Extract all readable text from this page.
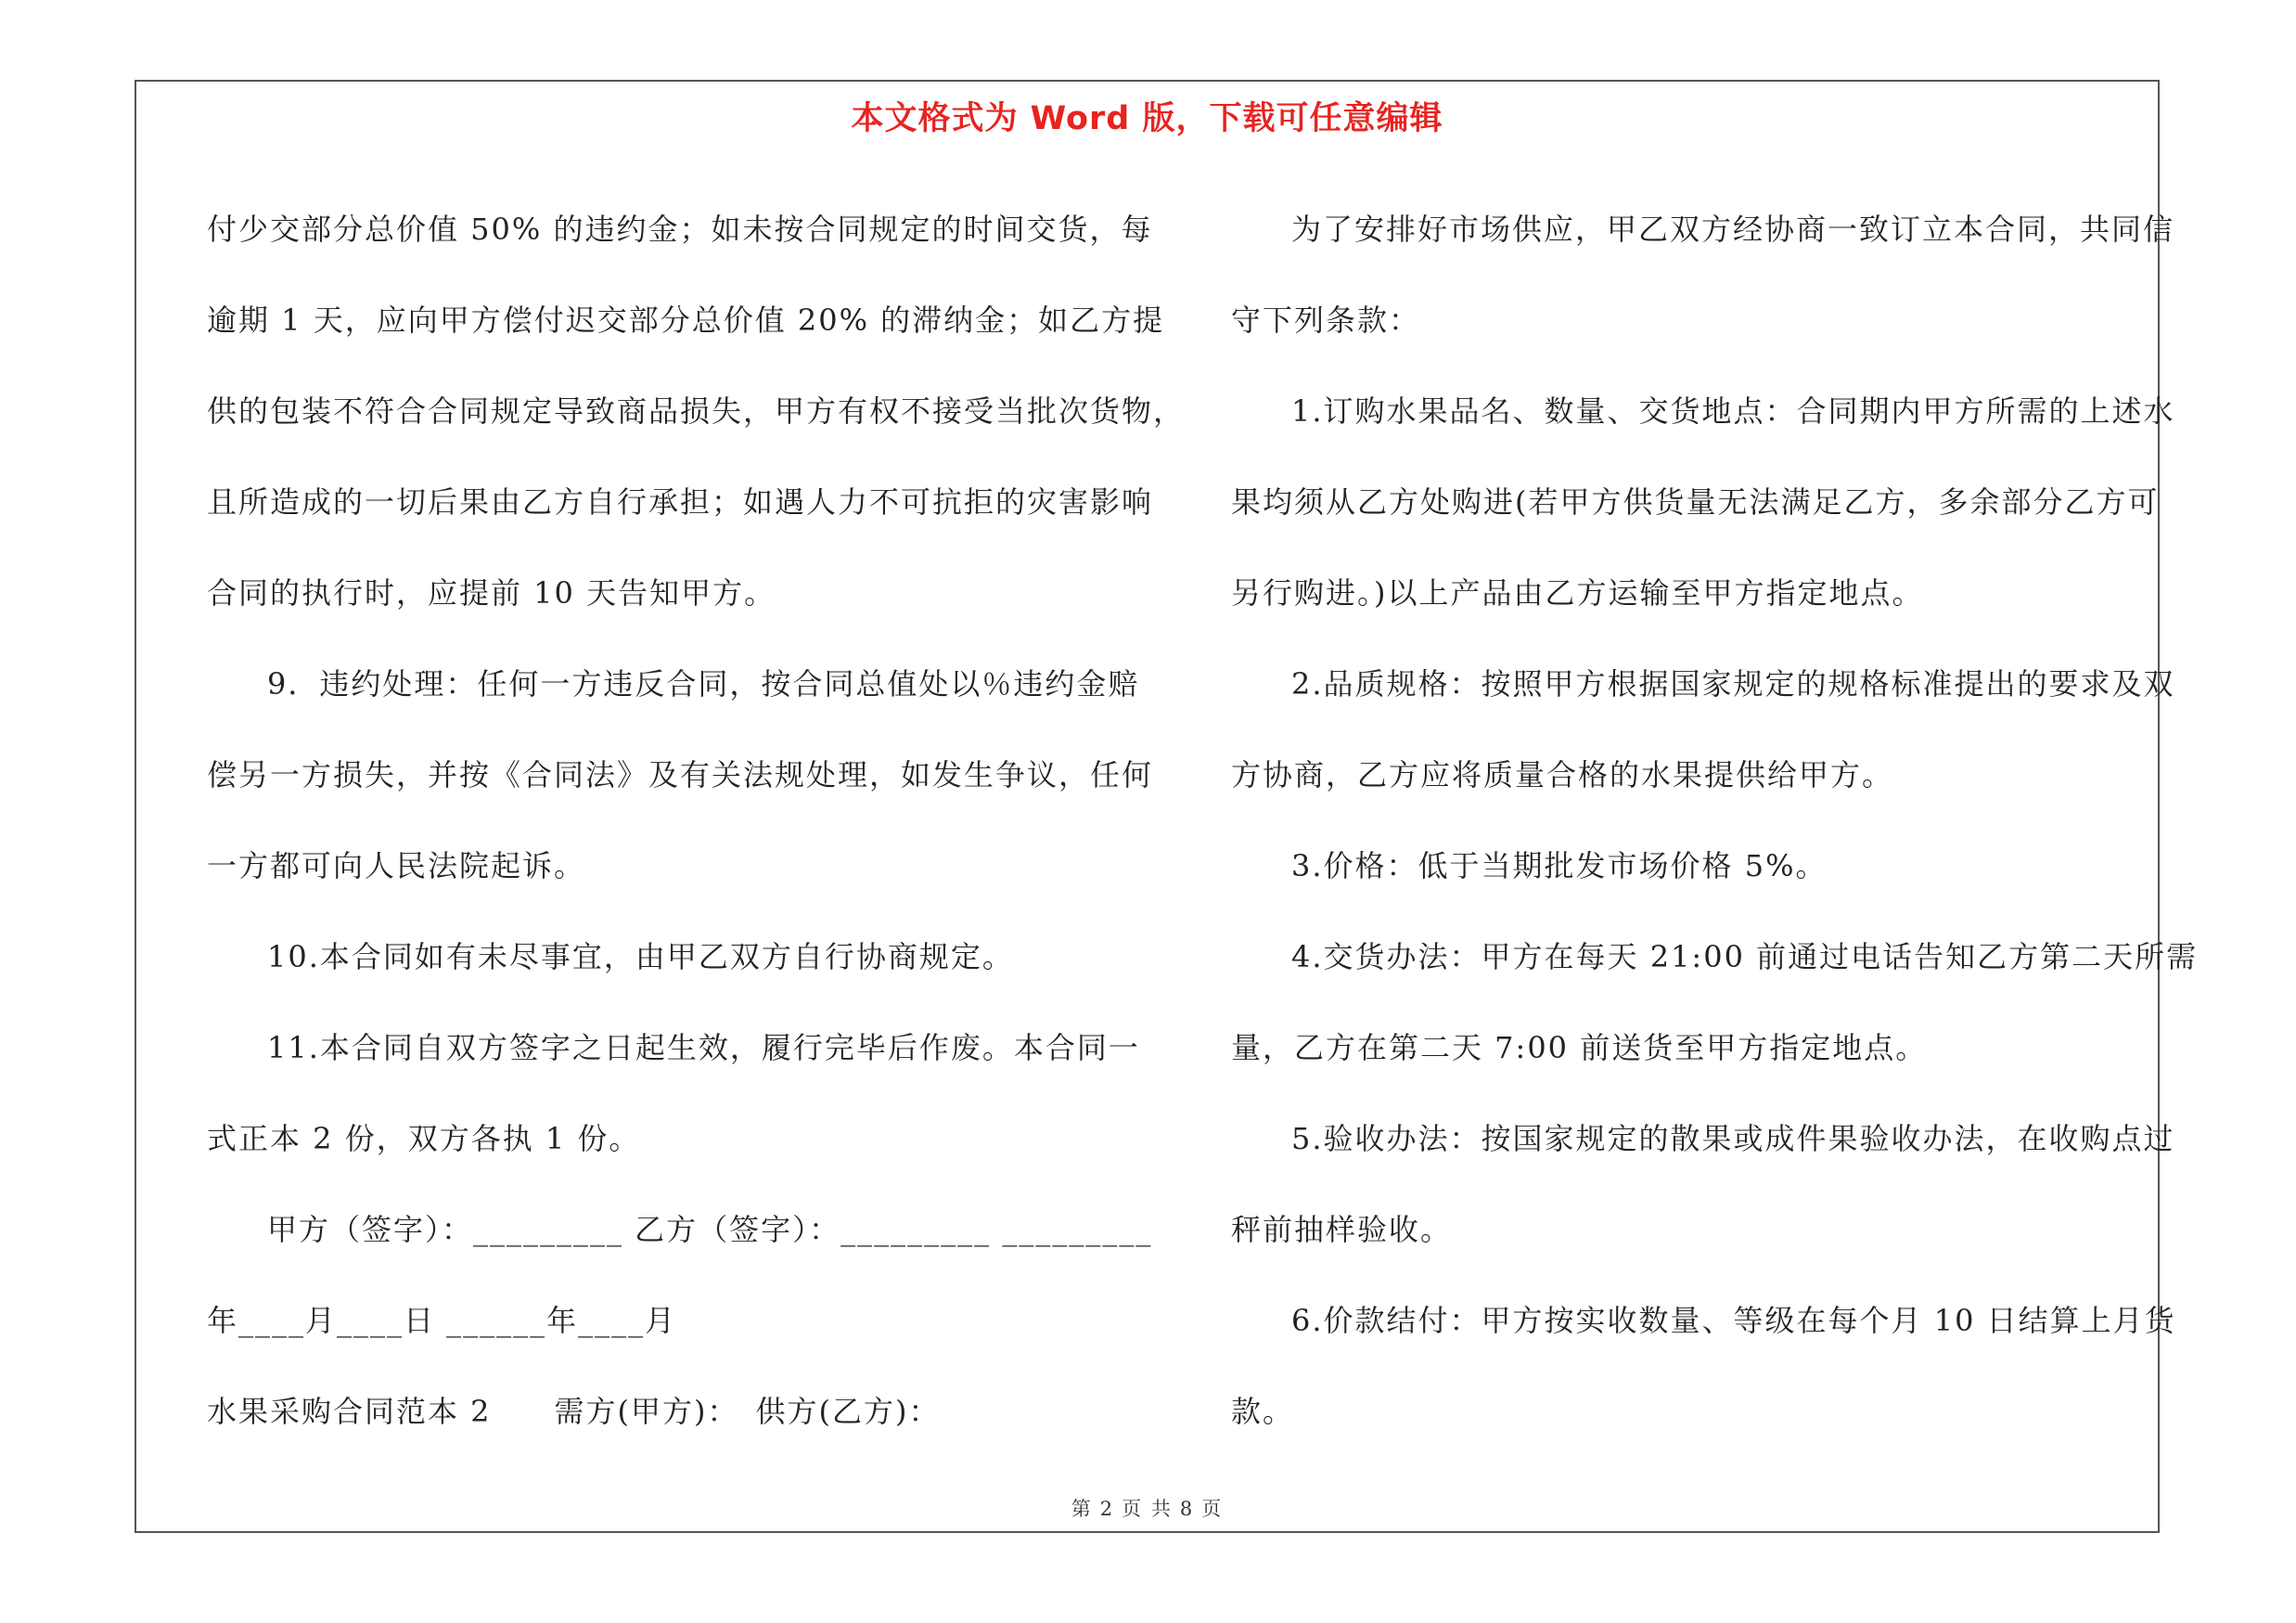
本文格式为 Word 版，下载可任意编辑

付少交部分总价值 50% 的违约金；如未按合同规定的时间交货，每
逾期 1 天，应向甲方偿付迟交部分总价值 20% 的滞纳金；如乙方提
供的包装不符合合同规定导致商品损失，甲方有权不接受当批次货物，
且所造成的一切后果由乙方自行承担；如遇人力不可抗拒的灾害影响
合同的执行时，应提前 10 天告知甲方。

9．违约处理：任何一方违反合同，按合同总值处以％违约金赔
偿另一方损失，并按《合同法》及有关法规处理，如发生争议，任何
一方都可向人民法院起诉。

10.本合同如有未尽事宜，由甲乙双方自行协商规定。

11.本合同自双方签字之日起生效，履行完毕后作废。本合同一
式正本 2 份，双方各执 1 份。

甲方（签字）：_________ 乙方（签字）：_________ _________

年____月____日 ______年____月

水果采购合同范本 2　　需方(甲方)：　供方(乙方)：

为了安排好市场供应，甲乙双方经协商一致订立本合同，共同信
守下列条款：

1.订购水果品名、数量、交货地点：合同期内甲方所需的上述水
果均须从乙方处购进(若甲方供货量无法满足乙方，多余部分乙方可
另行购进。)以上产品由乙方运输至甲方指定地点。

2.品质规格：按照甲方根据国家规定的规格标准提出的要求及双
方协商，乙方应将质量合格的水果提供给甲方。

3.价格：低于当期批发市场价格 5%。

4.交货办法：甲方在每天 21:00 前通过电话告知乙方第二天所需
量，乙方在第二天 7:00 前送货至甲方指定地点。

5.验收办法：按国家规定的散果或成件果验收办法，在收购点过
秤前抽样验收。

6.价款结付：甲方按实收数量、等级在每个月 10 日结算上月货
款。

第 2 页 共 8 页
